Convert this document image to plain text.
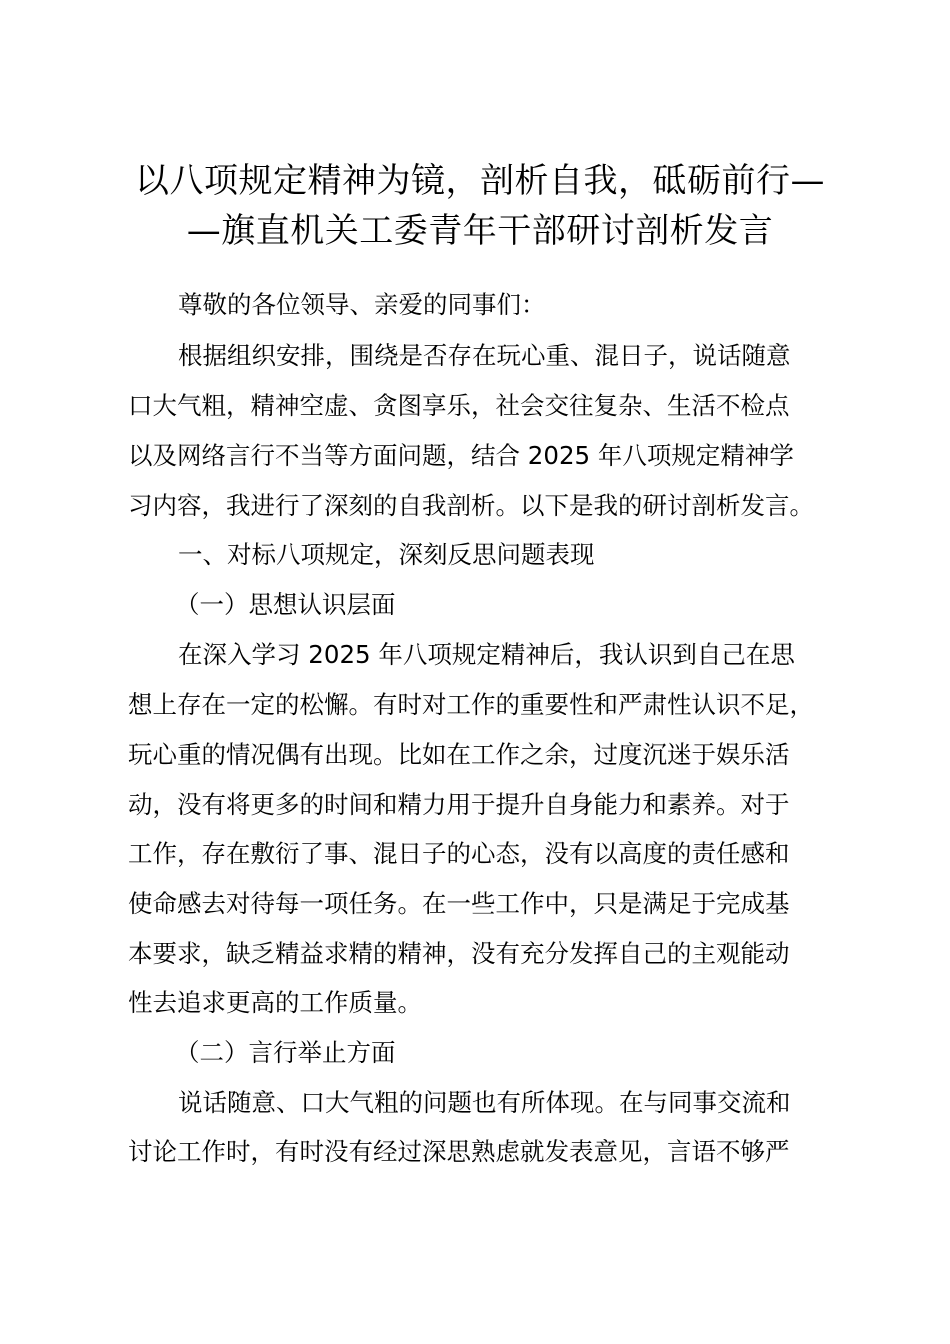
以八项规定精神为镜，剖析自我，砥砺前行—
—旗直机关工委青年干部研讨剖析发言
尊敬的各位领导、亲爱的同事们：
根据组织安排，围绕是否存在玩心重、混日子，说话随意
口大气粗，精神空虚、贪图享乐，社会交往复杂、生活不检点
以及网络言行不当等方面问题，结合 2025 年八项规定精神学
习内容，我进行了深刻的自我剖析。以下是我的研讨剖析发言。
一、对标八项规定，深刻反思问题表现
（一）思想认识层面
在深入学习 2025 年八项规定精神后，我认识到自己在思
想上存在一定的松懈。有时对工作的重要性和严肃性认识不足，
玩心重的情况偶有出现。比如在工作之余，过度沉迷于娱乐活
动，没有将更多的时间和精力用于提升自身能力和素养。对于
工作，存在敷衍了事、混日子的心态，没有以高度的责任感和
使命感去对待每一项任务。在一些工作中，只是满足于完成基
本要求，缺乏精益求精的精神，没有充分发挥自己的主观能动
性去追求更高的工作质量。
（二）言行举止方面
说话随意、口大气粗的问题也有所体现。在与同事交流和
讨论工作时，有时没有经过深思熟虑就发表意见，言语不够严
